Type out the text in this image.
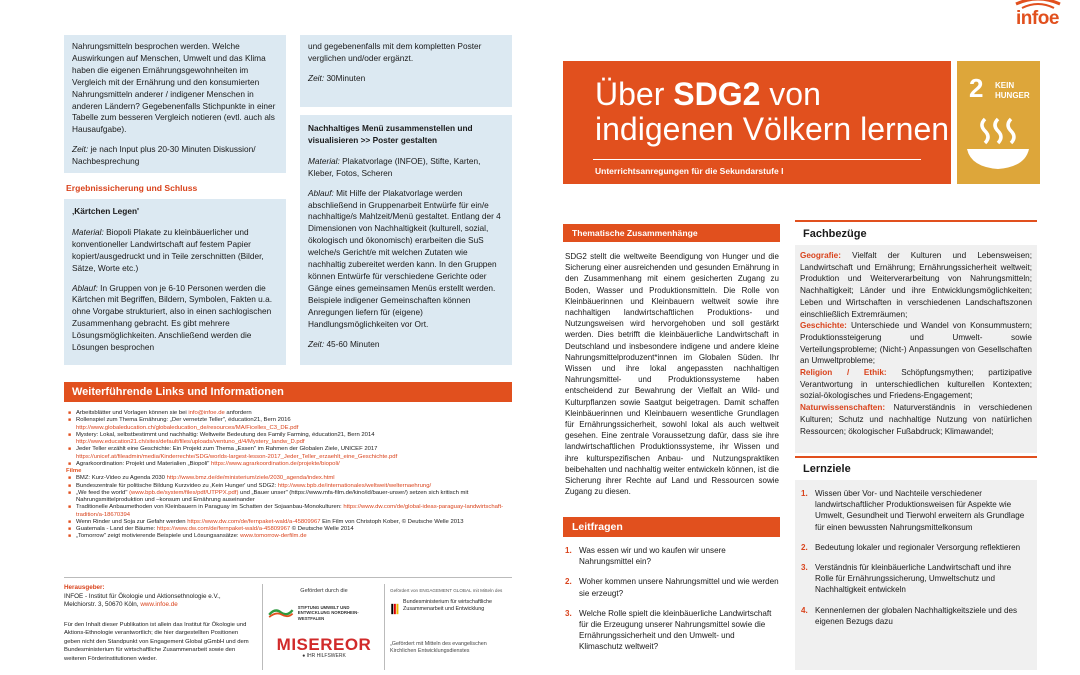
infoe

Nahrungsmitteln besprochen werden. Welche Auswirkungen auf Menschen, Umwelt und das Klima haben die eigenen Ernährungsgewohnheiten im Vergleich mit der Ernährung und den konsumierten Nahrungsmitteln anderer / indigener Menschen in anderen Ländern? Gegebenenfalls Stichpunkte in einer Tabelle zum besseren Vergleich notieren (evtl. auch als Hausaufgabe).

Zeit: je nach Input plus 20-30 Minuten Diskussion/ Nachbesprechung

Ergebnissicherung und Schluss

‚Kärtchen Legen'

Material: Biopoli Plakate zu kleinbäuerlicher und konventioneller Landwirtschaft auf festem Papier kopiert/ausgedruckt und in Teile zerschnitten (Bilder, Sätze, Worte etc.)

Ablauf: In Gruppen von je 6-10 Personen werden die Kärtchen mit Begriffen, Bildern, Symbolen, Fakten u.a. ohne Vorgabe strukturiert, also in einen sachlogischen Zusammenhang gebracht. Es gibt mehrere Lösungsmöglichkeiten. Anschließend werden die Lösungen besprochen

und gegebenenfalls mit dem kompletten Poster verglichen und/oder ergänzt.

Zeit: 30Minuten

Nachhaltiges Menü zusammenstellen und visualisieren >> Poster gestalten

Material: Plakatvorlage (INFOE), Stifte, Karten, Kleber, Fotos, Scheren

Ablauf: Mit Hilfe der Plakatvorlage werden abschließend in Gruppenarbeit Entwürfe für ein/e nachhaltige/s Mahlzeit/Menü gestaltet. Entlang der 4 Dimensionen von Nachhaltigkeit (kulturell, sozial, ökologisch und ökonomisch) erarbeiten die SuS welche/s Gericht/e mit welchen Zutaten wie nachhaltig zubereitet werden kann. In den Gruppen können Entwürfe für verschiedene Gerichte oder Gänge eines gemeinsamen Menüs erstellt werden. Beispiele indigener Gemeinschaften können Anregungen liefern für (eigene) Handlungsmöglichkeiten vor Ort.

Zeit: 45-60 Minuten

Weiterführende Links und Informationen
■ Arbeitsblätter und Vorlagen können sie bei info@infoe.de anfordern
■ Rollenspiel zum Thema Ernährung: „Der vernetzte Teller", éducation21, Bern 2016 http://www.globaleducation.ch/globaleducation_de/resources/MA/Ficelles_C3_DE.pdf
■ Mystery: Lokal, selbstbestimmt und nachhaltig: Weltweite Bedeutung des Family Farming, éducation21, Bern 2014 http://www.education21.ch/sites/default/files/uploads/ventuno_d/4/Mystery_landw_D.pdf
■ Jeder Teller erzählt eine Geschichte: Ein Projekt zum Thema „Essen" im Rahmen der Globalen Ziele, UNICEF 2017 https://unicef.at/fileadmin/media/Kinderrechte/SDG/worlds-largest-lesson-2017_Jeder_Teller_erzaehlt_eine_Geschichte.pdf
■ Agrarkoordination: Projekt und Materialien „Biopoli" https://www.agrarkoordination.de/projekte/biopoli/
Filme
■ BMZ: Kurz-Video zu Agenda 2030 http://www.bmz.de/de/ministerium/ziele/2030_agenda/index.html
■ Bundeszentrale für politische Bildung Kurzvideo zu ‚Kein Hunger' und SDG2: http://www.bpb.de/internationales/weltweit/welternaehrung/
■ „We feed the world" (www.bpb.de/system/files/pdf/UTPPX.pdf) und „Bauer unser" (https://www.mfa-film.de/kino/id/bauer-unser/) setzen sich kritisch mit Nahrungsmittelproduktion und –konsum und Ernährung auseinander
■ Traditionelle Anbaumethoden von Kleinbauern in Paraguay im Schatten der Sojaanbau-Monokulturen: https://www.dw.com/de/global-ideas-paraguay-landwirtschaft-tradition/a-18670394
■ Wenn Rinder und Soja zur Gefahr werden https://www.dw.com/de/fernpaket-wald/a-45809967 Ein Film von Christoph Kober, © Deutsche Welle 2013
■ Guatemala - Land der Bäume: https://www.dw.com/de/fernpaket-wald/a-45809967 © Deutsche Welle 2014
■ „Tomorrow" zeigt motivierende Beispiele und Lösungsansätze: www.tomorrow-derfilm.de
Herausgeber:
INFOE - Institut für Ökologie und Aktionsethnologie e.V., Melchiorstr. 3, 50670 Köln, www.infoe.de
Für den Inhalt dieser Publikation ist allein das Institut für Ökologie und Aktions-Ethnologie verantwortlich; die hier dargestellten Positionen geben nicht den Standpunkt von Engagement Global gGmbH und dem Bundesministerium für wirtschaftliche Zusammenarbeit sowie den weiteren Förderinstitutionen wieder.
Gefördert durch die
STIFTUNG UMWELT UND ENTWICKLUNG NORDRHEIN-WESTFALEN
MISEREOR
● IHR HILFSWERK
Gefördert von ENGAGEMENT GLOBAL mit Mitteln des
Bundesministerium für wirtschaftliche Zusammenarbeit und Entwicklung
„Gefördert mit Mitteln des evangelischen Kirchlichen Entwicklungsdienstes
Über SDG2 von
indigenen Völkern lernen
Unterrichtsanregungen für die Sekundarstufe I
2 KEIN
HUNGER
Thematische Zusammenhänge
SDG2 stellt die weltweite Beendigung von Hunger und die Sicherung einer ausreichenden und gesunden Ernährung in den Zusammenhang mit einem gesicherten Zugang zu Boden, Wasser und Produktionsmitteln. Die Rolle von Kleinbäuerinnen und Kleinbauern weltweit sowie ihre nachhaltigen landwirtschaftlichen Produktions- und Nutzungsweisen wird hervorgehoben und soll gestärkt werden. Dies betrifft die kleinbäuerliche Landwirtschaft in Deutschland und insbesondere indigene und andere kleine Nahrungsmittelproduzent*innen im Globalen Süden. Ihr Wissen und ihre lokal angepassten nachhaltigen Nahrungsmittel- und Produktionssysteme haben entscheidend zur Bewahrung der Vielfalt an Wild- und Kulturpflanzen sowie Saatgut beigetragen. Damit schaffen Kleinbäuerinnen und Kleinbauern wesentliche Grundlagen für Ernährungssicherheit, sowohl lokal als auch weltweit gesehen. Eine zentrale Voraussetzung dafür, dass sie ihre landwirtschaftlichen Produktionssysteme, ihr Wissen und ihre kulturspezifischen Anbau- und Nutzungspraktiken beibehalten und nachhaltig weiter entwickeln können, ist die Sicherung ihrer Rechte auf Land und Ressourcen sowie Zugang zu diesen.
Leitfragen
1. Was essen wir und wo kaufen wir unsere Nahrungsmittel ein?
2. Woher kommen unsere Nahrungsmittel und wie werden sie erzeugt?
3. Welche Rolle spielt die kleinbäuerliche Landwirtschaft für die Erzeugung unserer Nahrungsmittel sowie die Ernährungssicherheit und den Umwelt- und Klimaschutz weltweit?
Fachbezüge
Geografie: Vielfalt der Kulturen und Lebensweisen; Landwirtschaft und Ernährung; Ernährungssicherheit weltweit; Produktion und Weiterverarbeitung von Nahrungsmitteln; Nachhaltigkeit; Länder und ihre Entwicklungsmöglichkeiten; Leben und Wirtschaften in verschiedenen Landschaftszonen einschließlich Extremräumen;
Geschichte: Unterschiede und Wandel von Konsummustern; Produktionssteigerung und Umwelt- sowie Verteilungsprobleme; (Nicht-) Anpassungen von Gesellschaften an Umweltprobleme;
Religion / Ethik: Schöpfungsmythen; partizipative Verantwortung in unterschiedlichen kulturellen Kontexten; sozial-ökologisches und Friedens-Engagement;
Naturwissenschaften: Naturverständnis in verschiedenen Kulturen; Schutz und nachhaltige Nutzung von natürlichen Ressourcen; ökologischer Fußabdruck; Klimawandel;
Lernziele
1. Wissen über Vor- und Nachteile verschiedener landwirtschaftlicher Produktionsweisen für Aspekte wie Umwelt, Gesundheit und Tierwohl erweitern als Grundlage für einen bewussten Nahrungsmittelkonsum
2. Bedeutung lokaler und regionaler Versorgung reflektieren
3. Verständnis für kleinbäuerliche Landwirtschaft und ihre Rolle für Ernährungssicherung, Umweltschutz und Nachhaltigkeit entwickeln
4. Kennenlernen der globalen Nachhaltigkeitsziele und des eigenen Bezugs dazu
